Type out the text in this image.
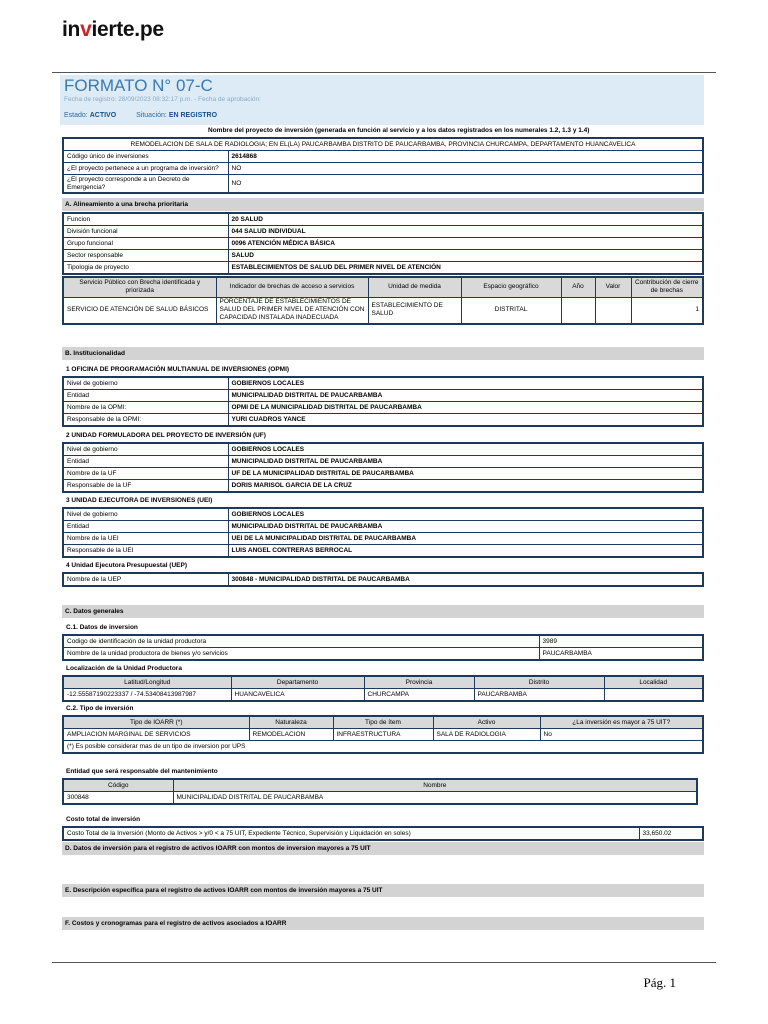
invierte.pe
FORMATO N° 07-C
Fecha de registro: 28/09/2023 08:32:17 p.m. - Fecha de aprobación:
Estado: ACTIVO	Situación: EN REGISTRO
Nombre del proyecto de inversión (generada en función al servicio y a los datos registrados en los numerales 1.2, 1.3 y 1.4)
REMODELACION DE SALA DE RADIOLOGIA; EN EL(LA) PAUCARBAMBA DISTRITO DE PAUCARBAMBA, PROVINCIA CHURCAMPA, DEPARTAMENTO HUANCAVELICA	
Código único de inversiones	2614868
¿El proyecto pertenece a un programa de inversión?	NO
¿El proyecto corresponde a un Decreto de Emergencia?	NO
A. Alineamiento a una brecha prioritaria
Funcion	20 SALUD
División funcional	044 SALUD INDIVIDUAL
Grupo funcional	0096 ATENCIÓN MÉDICA BÁSICA
Sector responsable	SALUD
Tipologia de proyecto	ESTABLECIMIENTOS DE SALUD DEL PRIMER NIVEL DE ATENCIÓN
Servicio Público con Brecha identificada y priorizada	Indicador de brechas de acceso a servicios	Unidad de medida	Espacio geográfico	Año	Valor	Contribución de cierre de brechas
SERVICIO DE ATENCIÓN DE SALUD BÁSICOS	PORCENTAJE DE ESTABLECIMIENTOS DE SALUD DEL PRIMER NIVEL DE ATENCIÓN CON CAPACIDAD INSTALADA INADECUADA	ESTABLECIMIENTO DE SALUD	DISTRITAL			1
B. Institucionalidad
1 OFICINA DE PROGRAMACIÓN MULTIANUAL DE INVERSIONES (OPMI)
Nivel de gobierno	GOBIERNOS LOCALES
Entidad	MUNICIPALIDAD DISTRITAL DE PAUCARBAMBA
Nombre de la OPMI:	OPMI DE LA MUNICIPALIDAD DISTRITAL DE PAUCARBAMBA
Responsable de la OPMI:	YURI CUADROS YANCE
2 UNIDAD FORMULADORA DEL PROYECTO DE INVERSIÓN (UF)
Nivel de gobierno	GOBIERNOS LOCALES
Entidad	MUNICIPALIDAD DISTRITAL DE PAUCARBAMBA
Nombre de la UF	UF DE LA MUNICIPALIDAD DISTRITAL DE PAUCARBAMBA
Responsable de la UF	DORIS MARISOL GARCIA DE LA CRUZ
3 UNIDAD EJECUTORA DE INVERSIONES (UEI)
Nivel de gobierno	GOBIERNOS LOCALES
Entidad	MUNICIPALIDAD DISTRITAL DE PAUCARBAMBA
Nombre de la UEI	UEI DE LA MUNICIPALIDAD DISTRITAL DE PAUCARBAMBA
Responsable de la UEI	LUIS ANGEL CONTRERAS BERROCAL
4 Unidad Ejecutora Presupuestal (UEP)
Nombre de la UEP	300848 - MUNICIPALIDAD DISTRITAL DE PAUCARBAMBA
C. Datos generales
C.1. Datos de inversion
Codigo de identificación de la unidad productora	3989
Nombre de la unidad productora de bienes y/o servicios	PAUCARBAMBA
Localización de la Unidad Productora
Latitud/Longitud	Departamento	Provincia	Distrito	Localidad
-12.55587190223337 / -74.53408413987987	HUANCAVELICA	CHURCAMPA	PAUCARBAMBA	
C.2. Tipo de inversión
Tipo de IOARR (*)	Naturaleza	Tipo de ítem	Activo	¿La inversión es mayor a 75 UIT?
AMPLIACION MARGINAL DE SERVICIOS	REMODELACION	INFRAESTRUCTURA	SALA DE RADIOLOGIA	No
(*) Es posible considerar mas de un tipo de inversion por UPS				
Entidad que será responsable del mantenimiento
Código	Nombre
300848	MUNICIPALIDAD DISTRITAL DE PAUCARBAMBA
Costo total de inversión
Costo Total de la Inversión (Monto de Activos > y/0 < a 75 UIT, Expediente Técnico, Supervisión y Liquidación en soles)	33,650.02
D. Datos de inversión para el registro de activos IOARR con montos de inversion mayores a 75 UIT
E. Descripción específica para el registro de activos IOARR con montos de inversión mayores a 75 UIT
F. Costos y cronogramas para el registro de activos asociados a IOARR
Pág. 1
